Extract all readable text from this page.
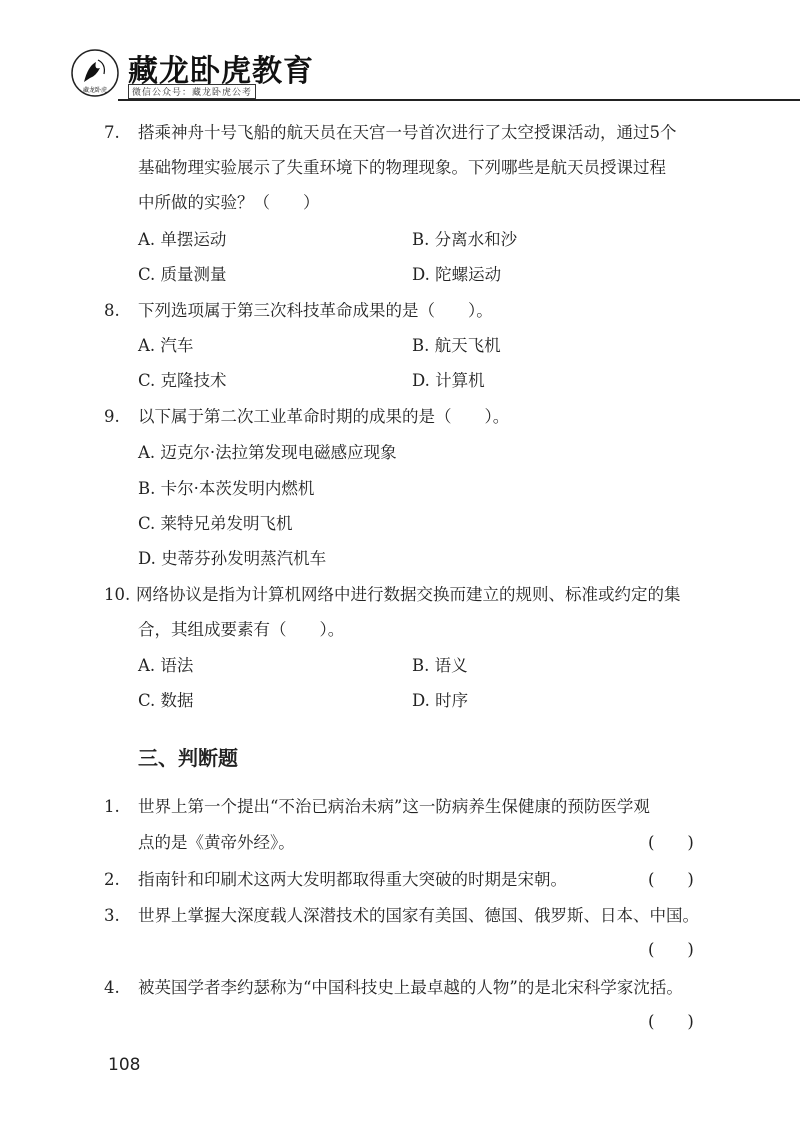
藏龙卧虎
藏龙卧虎教育
微信公众号：藏龙卧虎公考
7. 搭乘神舟十号飞船的航天员在天宫一号首次进行了太空授课活动，通过5个
基础物理实验展示了失重环境下的物理现象。下列哪些是航天员授课过程
中所做的实验？（　　）
A. 单摆运动	B. 分离水和沙
C. 质量测量	D. 陀螺运动
8. 下列选项属于第三次科技革命成果的是（　　）。
A. 汽车	B. 航天飞机
C. 克隆技术	D. 计算机
9. 以下属于第二次工业革命时期的成果的是（　　）。
A. 迈克尔·法拉第发现电磁感应现象
B. 卡尔·本茨发明内燃机
C. 莱特兄弟发明飞机
D. 史蒂芬孙发明蒸汽机车
10. 网络协议是指为计算机网络中进行数据交换而建立的规则、标准或约定的集
合，其组成要素有（　　）。
A. 语法	B. 语义
C. 数据	D. 时序
三、判断题
1. 世界上第一个提出“不治已病治未病”这一防病养生保健康的预防医学观
点的是《黄帝外经》。	(　　)
2. 指南针和印刷术这两大发明都取得重大突破的时期是宋朝。	(　　)
3. 世界上掌握大深度载人深潜技术的国家有美国、德国、俄罗斯、日本、中国。
(　　)
4. 被英国学者李约瑟称为“中国科技史上最卓越的人物”的是北宋科学家沈括。
(　　)
108
